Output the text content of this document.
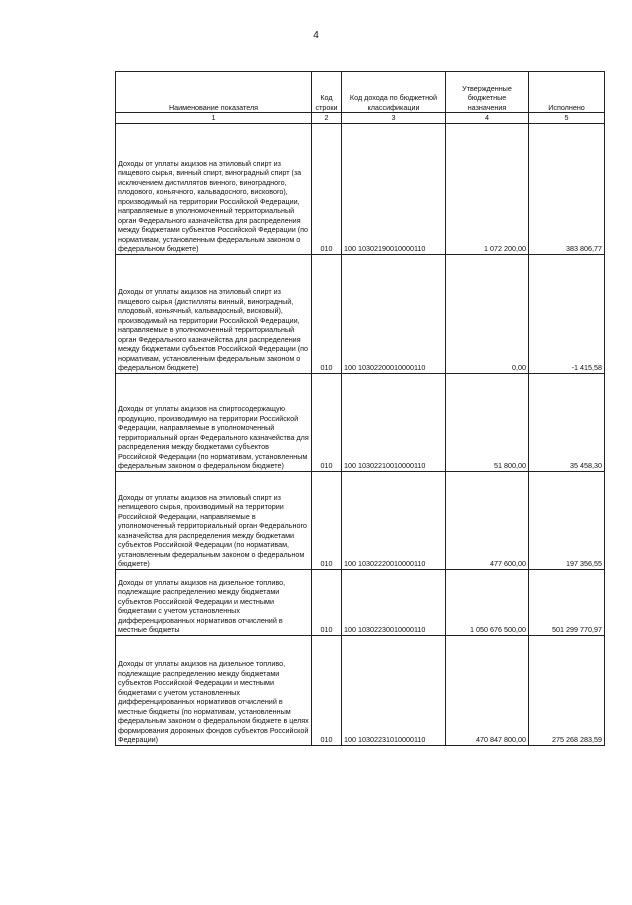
4
Наименование показателя	Код строки	Код дохода по бюджетной классификации	Утвержденные бюджетные назначения	Исполнено
1	2	3	4	5
Доходы от уплаты акцизов на этиловый спирт из пищевого сырья, винный спирт, виноградный спирт (за исключением дистиллятов винного, виноградного, плодового, коньячного, кальвадосного, вискового), производимый на территории Российской Федерации, направляемые в уполномоченный территориальный орган Федерального казначейства для распределения между бюджетами субъектов Российской Федерации (по нормативам, установленным федеральным законом о федеральном бюджете)	010	100 10302190010000110	1 072 200,00	383 806,77
Доходы от уплаты акцизов на этиловый спирт из пищевого сырья (дистилляты винный, виноградный, плодовый, коньячный, кальвадосный, висковый), производимый на территории Российской Федерации, направляемые в уполномоченный территориальный орган Федерального казначейства для распределения между бюджетами субъектов Российской Федерации (по нормативам, установленным федеральным законом о федеральном бюджете)	010	100 10302200010000110	0,00	-1 415,58
Доходы от уплаты акцизов на спиртосодержащую продукцию, производимую на территории Российской Федерации, направляемые в уполномоченный территориальный орган Федерального казначейства для распределения между бюджетами субъектов Российской Федерации (по нормативам, установленным федеральным законом о федеральном бюджете)	010	100 10302210010000110	51 800,00	35 458,30
Доходы от уплаты акцизов на этиловый спирт из непищевого сырья, производимый на территории Российской Федерации, направляемые в уполномоченный территориальный орган Федерального казначейства для распределения между бюджетами субъектов Российской Федерации (по нормативам, установленным федеральным законом о федеральном бюджете)	010	100 10302220010000110	477 600,00	197 356,55
Доходы от уплаты акцизов на дизельное топливо, подлежащие распределению между бюджетами субъектов Российской Федерации и местными бюджетами с учетом установленных дифференцированных нормативов отчислений в местные бюджеты	010	100 10302230010000110	1 050 676 500,00	501 299 770,97
Доходы от уплаты акцизов на дизельное топливо, подлежащие распределению между бюджетами субъектов Российской Федерации и местными бюджетами с учетом установленных дифференцированных нормативов отчислений в местные бюджеты (по нормативам, установленным федеральным законом о федеральном бюджете в целях формирования дорожных фондов субъектов Российской Федерации)	010	100 10302231010000110	470 847 800,00	275 268 283,59
